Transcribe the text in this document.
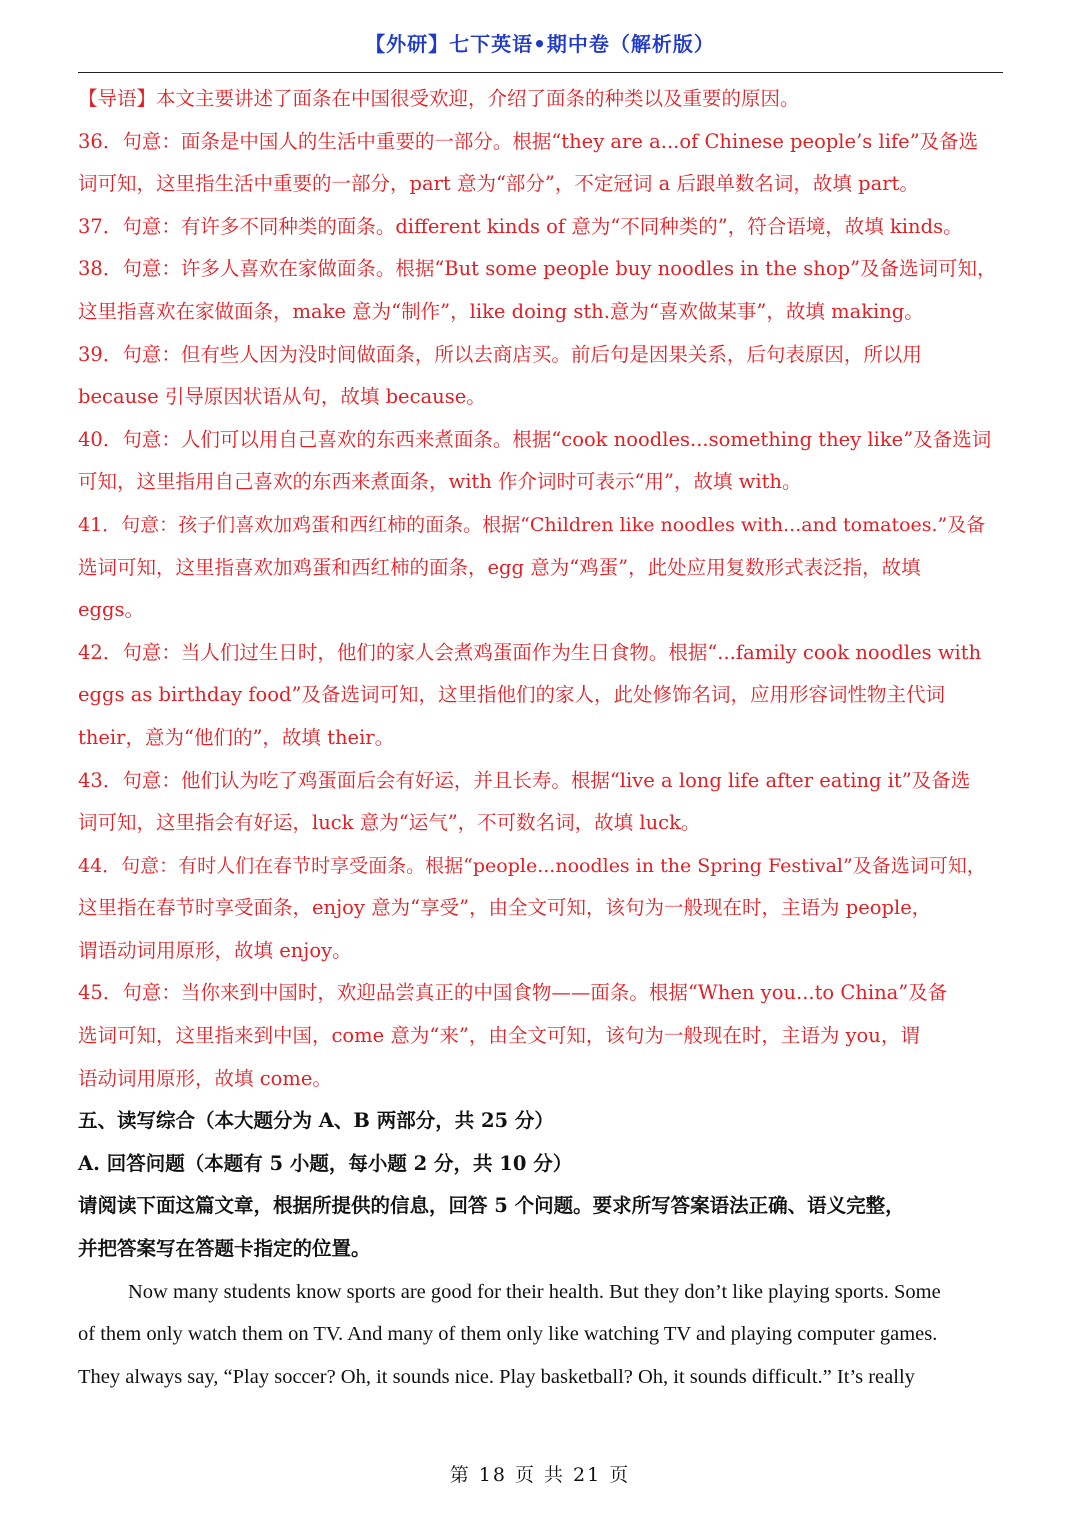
【外研】七下英语•期中卷（解析版）
【导语】本文主要讲述了面条在中国很受欢迎，介绍了面条的种类以及重要的原因。
36．句意：面条是中国人的生活中重要的一部分。根据“they are a...of Chinese people’s life”及备选
词可知，这里指生活中重要的一部分，part 意为“部分”，不定冠词 a 后跟单数名词，故填 part。
37．句意：有许多不同种类的面条。different kinds of 意为“不同种类的”，符合语境，故填 kinds。
38．句意：许多人喜欢在家做面条。根据“But some people buy noodles in the shop”及备选词可知，
这里指喜欢在家做面条，make 意为“制作”，like doing sth.意为“喜欢做某事”，故填 making。
39．句意：但有些人因为没时间做面条，所以去商店买。前后句是因果关系，后句表原因，所以用
because 引导原因状语从句，故填 because。
40．句意：人们可以用自己喜欢的东西来煮面条。根据“cook noodles...something they like”及备选词
可知，这里指用自己喜欢的东西来煮面条，with 作介词时可表示“用”，故填 with。
41．句意：孩子们喜欢加鸡蛋和西红柿的面条。根据“Children like noodles with...and tomatoes.”及备
选词可知，这里指喜欢加鸡蛋和西红柿的面条，egg 意为“鸡蛋”，此处应用复数形式表泛指，故填
eggs。
42．句意：当人们过生日时，他们的家人会煮鸡蛋面作为生日食物。根据“...family cook noodles with
eggs as birthday food”及备选词可知，这里指他们的家人，此处修饰名词，应用形容词性物主代词
their，意为“他们的”，故填 their。
43．句意：他们认为吃了鸡蛋面后会有好运，并且长寿。根据“live a long life after eating it”及备选
词可知，这里指会有好运，luck 意为“运气”，不可数名词，故填 luck。
44．句意：有时人们在春节时享受面条。根据“people...noodles in the Spring Festival”及备选词可知，
这里指在春节时享受面条，enjoy 意为“享受”，由全文可知，该句为一般现在时，主语为 people，
谓语动词用原形，故填 enjoy。
45．句意：当你来到中国时，欢迎品尝真正的中国食物——面条。根据“When you...to China”及备
选词可知，这里指来到中国，come 意为“来”，由全文可知，该句为一般现在时，主语为 you，谓
语动词用原形，故填 come。
五、读写综合（本大题分为 A、B 两部分，共 25 分）
A. 回答问题（本题有 5 小题，每小题 2 分，共 10 分）
请阅读下面这篇文章，根据所提供的信息，回答 5 个问题。要求所写答案语法正确、语义完整，
并把答案写在答题卡指定的位置。
Now many students know sports are good for their health. But they don’t like playing sports. Some
of them only watch them on TV. And many of them only like watching TV and playing computer games.
They always say, “Play soccer? Oh, it sounds nice. Play basketball? Oh, it sounds difficult.” It’s really
第 18 页 共 21 页
